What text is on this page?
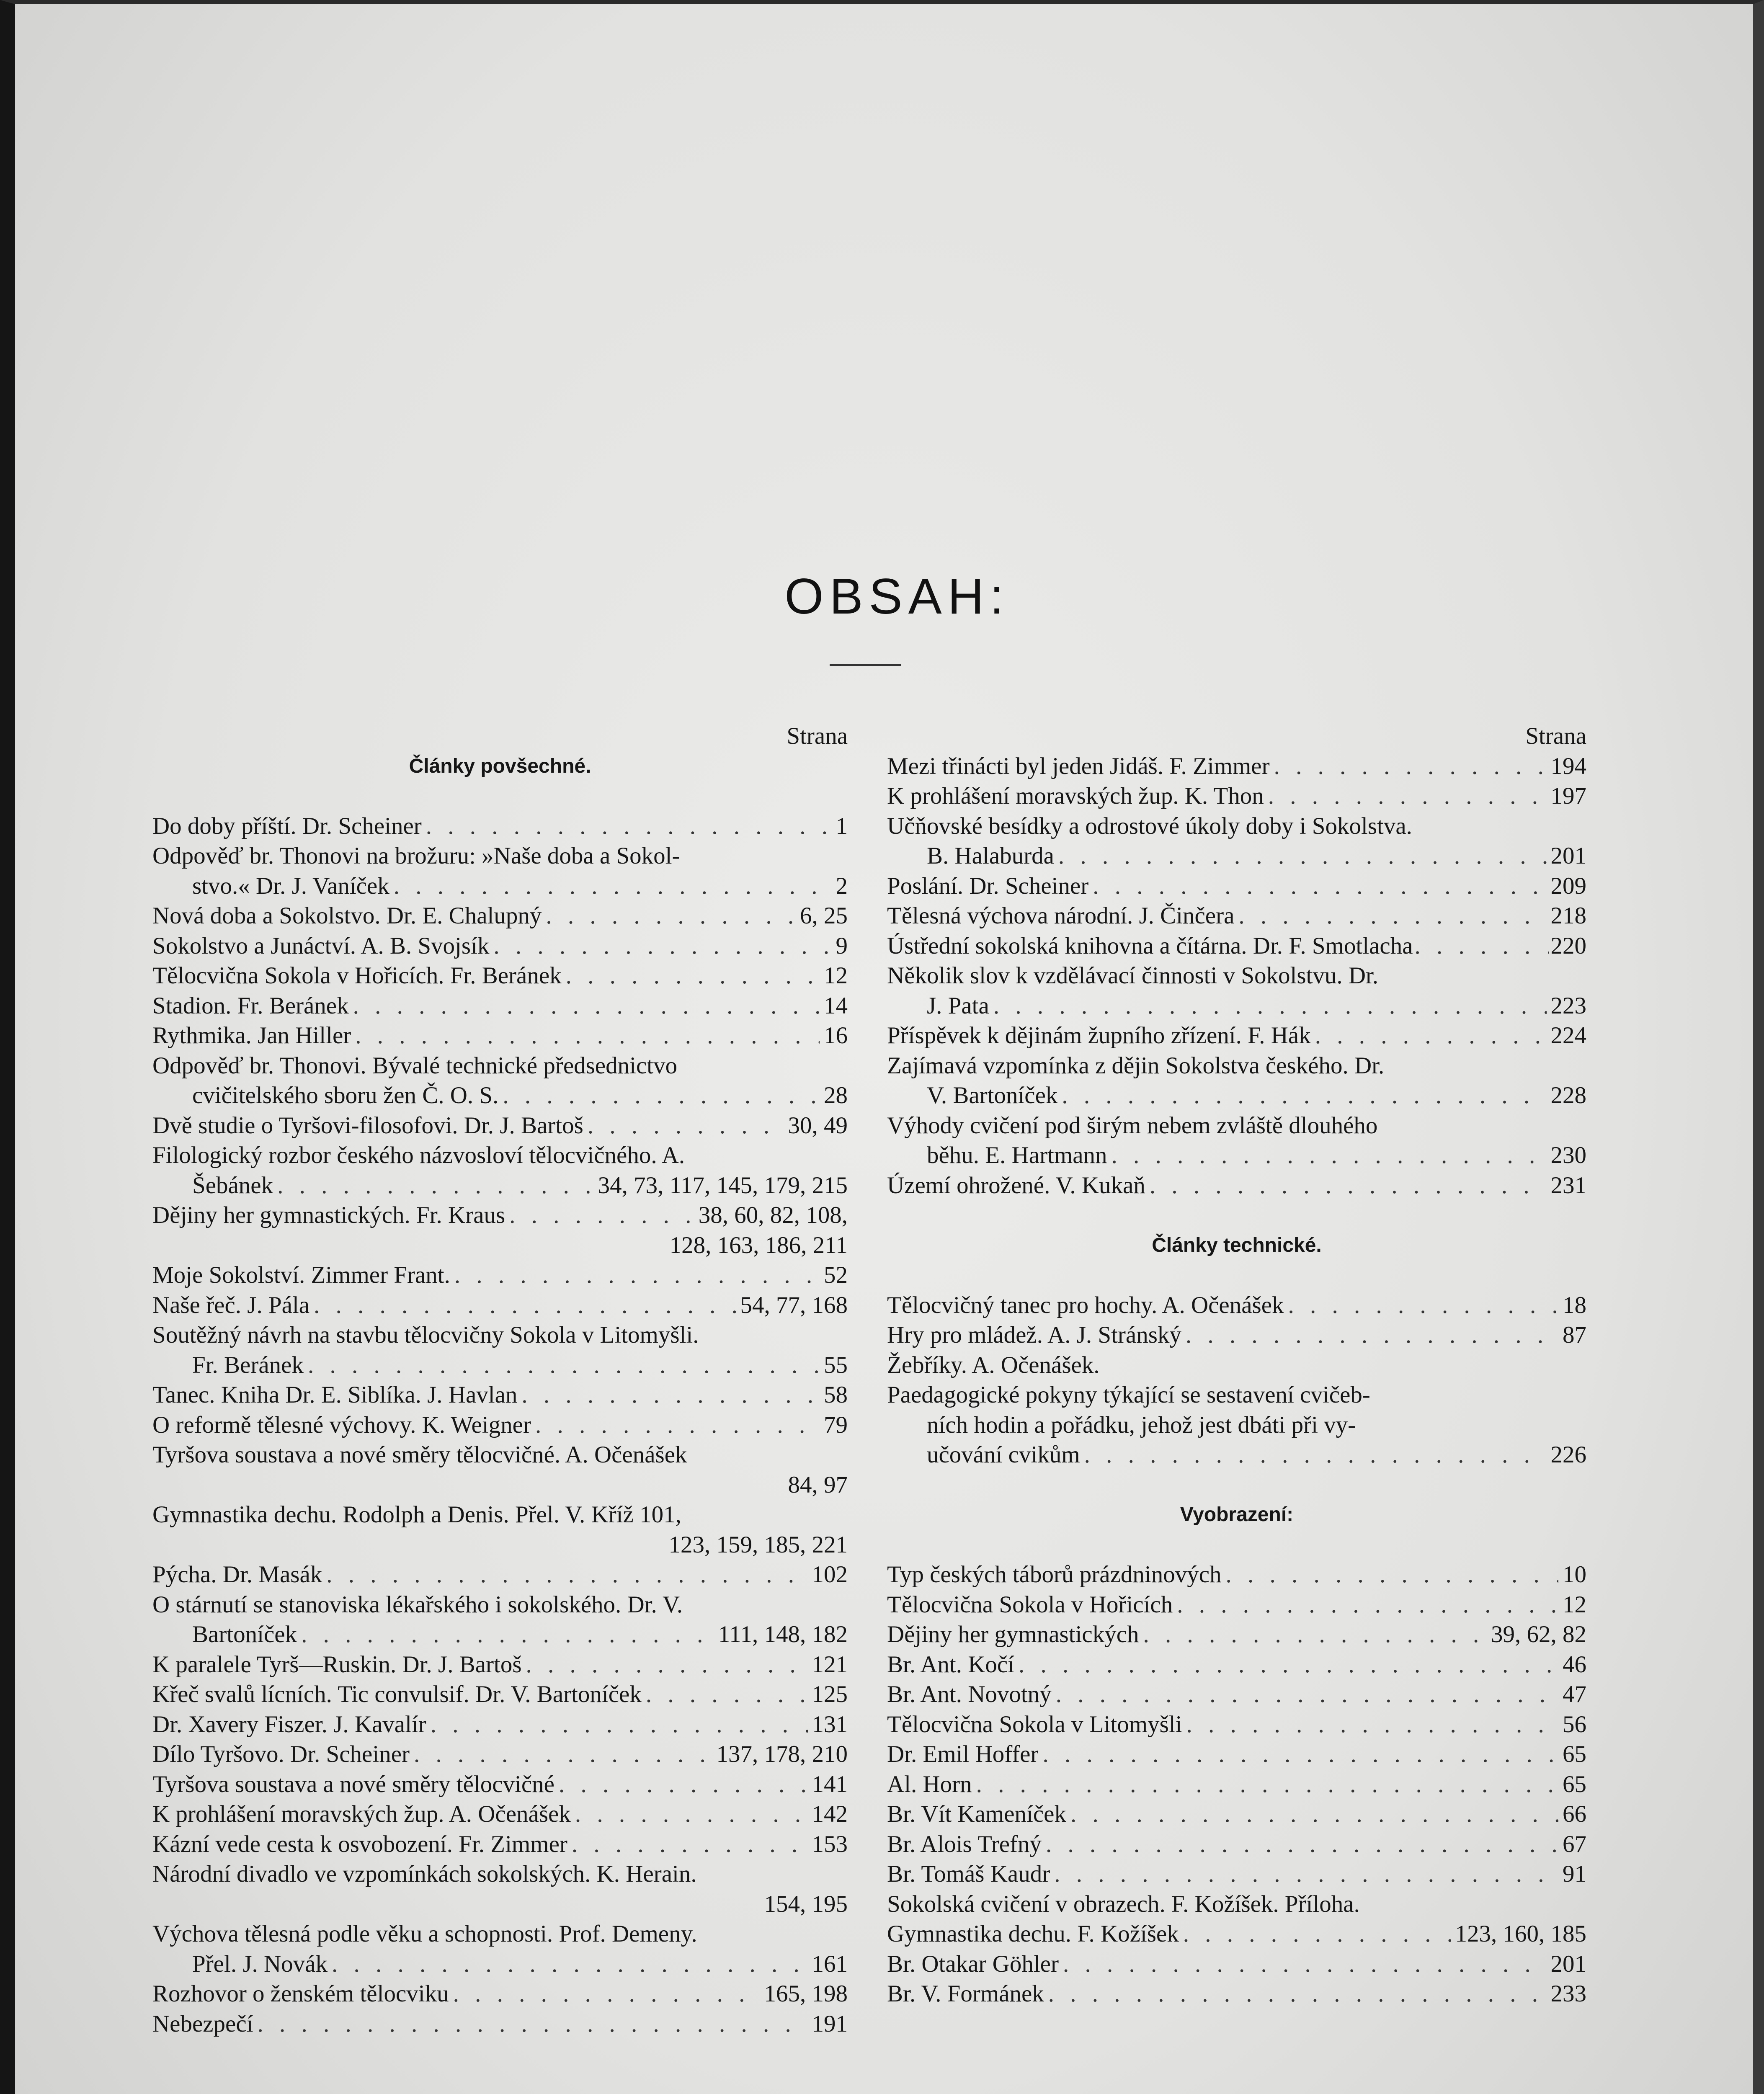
OBSAH:
Strana
Články povšechné.
Do doby příští. Dr. Scheiner . . .	1
Odpověď br. Thonovi na brožuru: »Naše doba a Sokol-
stvo.« Dr. J. Vaníček . . .	2
Nová doba a Sokolstvo. Dr. E. Chalupný . . .	6, 25
Sokolstvo a Junáctví. A. B. Svojsík . . .	9
Tělocvična Sokola v Hořicích. Fr. Beránek . . .	12
Stadion. Fr. Beránek . . .	14
Rythmika. Jan Hiller . . .	16
Odpověď br. Thonovi. Bývalé technické předsednictvo
cvičitelského sboru žen Č. O. S. . . .	28
Dvě studie o Tyršovi-filosofovi. Dr. J. Bartoš . . .	30, 49
Filologický rozbor českého názvosloví tělocvičného. A.
Šebánek . . .	34, 73, 117, 145, 179, 215
Dějiny her gymnastických. Fr. Kraus . . .	38, 60, 82, 108,
128, 163, 186, 211
Moje Sokolství. Zimmer Frant. . . .	52
Naše řeč. J. Pála . . .	54, 77, 168
Soutěžný návrh na stavbu tělocvičny Sokola v Litomyšli.
Fr. Beránek . . .	55
Tanec. Kniha Dr. E. Siblíka. J. Havlan . . .	58
O reformě tělesné výchovy. K. Weigner . . .	79
Tyršova soustava a nové směry tělocvičné. A. Očenášek
84, 97
Gymnastika dechu. Rodolph a Denis. Přel. V. Kříž 101,
123, 159, 185, 221
Pýcha. Dr. Masák . . .	102
O stárnutí se stanoviska lékařského i sokolského. Dr. V.
Bartoníček . . .	111, 148, 182
K paralele Tyrš—Ruskin. Dr. J. Bartoš . . .	121
Křeč svalů lícních. Tic convulsif. Dr. V. Bartoníček . . .	125
Dr. Xavery Fiszer. J. Kavalír . . .	131
Dílo Tyršovo. Dr. Scheiner . . .	137, 178, 210
Tyršova soustava a nové směry tělocvičné . . .	141
K prohlášení moravských žup. A. Očenášek . . .	142
Kázní vede cesta k osvobození. Fr. Zimmer . . .	153
Národní divadlo ve vzpomínkách sokolských. K. Herain.
154, 195
Výchova tělesná podle věku a schopnosti. Prof. Demeny.
Přel. J. Novák . . .	161
Rozhovor o ženském tělocviku . . .	165, 198
Nebezpečí . . .	191
Strana
Mezi třinácti byl jeden Jidáš. F. Zimmer . . .	194
K prohlášení moravských žup. K. Thon . . .	197
Učňovské besídky a odrostové úkoly doby i Sokolstva.
B. Halaburda . . .	201
Poslání. Dr. Scheiner . . .	209
Tělesná výchova národní. J. Činčera . . .	218
Ústřední sokolská knihovna a čítárna. Dr. F. Smotlacha . . .	220
Několik slov k vzdělávací činnosti v Sokolstvu. Dr.
J. Pata . . .	223
Příspěvek k dějinám župního zřízení. F. Hák . . .	224
Zajímavá vzpomínka z dějin Sokolstva českého. Dr.
V. Bartoníček . . .	228
Výhody cvičení pod širým nebem zvláště dlouhého
běhu. E. Hartmann . . .	230
Území ohrožené. V. Kukaň . . .	231
Články technické.
Tělocvičný tanec pro hochy. A. Očenášek . . .	18
Hry pro mládež. A. J. Stránský . . .	87
Žebříky. A. Očenášek.
Paedagogické pokyny týkající se sestavení cvičeb-
ních hodin a pořádku, jehož jest dbáti při vy-
učování cvikům . . .	226
Vyobrazení:
Typ českých táborů prázdninových . . .	10
Tělocvična Sokola v Hořicích . . .	12
Dějiny her gymnastických . . .	39, 62, 82
Br. Ant. Kočí . . .	46
Br. Ant. Novotný . . .	47
Tělocvična Sokola v Litomyšli . . .	56
Dr. Emil Hoffer . . .	65
Al. Horn . . .	65
Br. Vít Kameníček . . .	66
Br. Alois Trefný . . .	67
Br. Tomáš Kaudr . . .	91
Sokolská cvičení v obrazech. F. Kožíšek. Příloha.
Gymnastika dechu. F. Kožíšek . . .	123, 160, 185
Br. Otakar Göhler . . .	201
Br. V. Formánek . . .	233
